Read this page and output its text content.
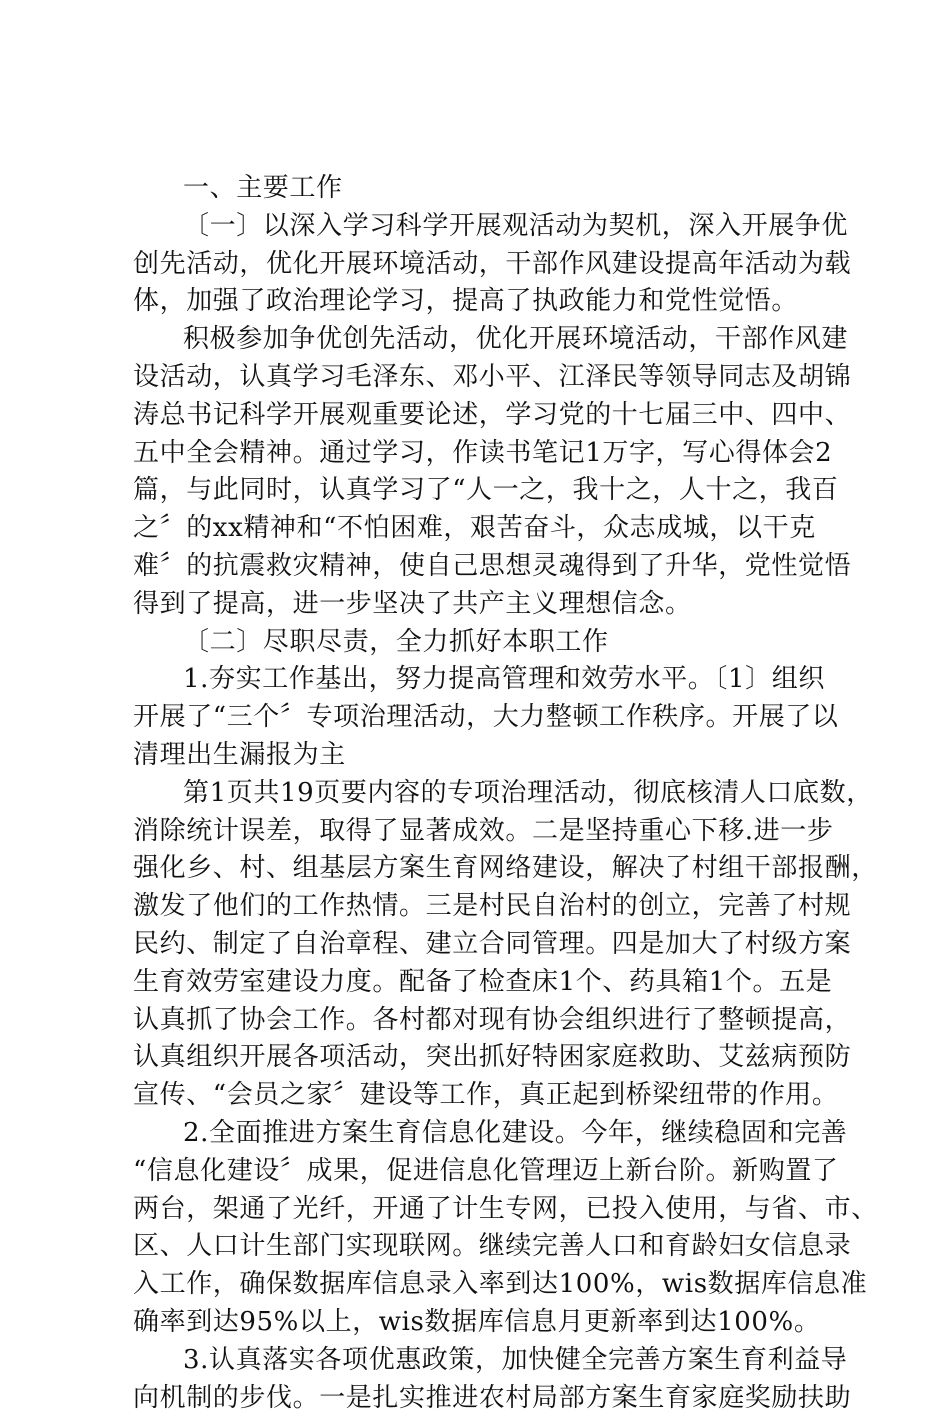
一、主要工作
〔一〕以深入学习科学开展观活动为契机，深入开展争优
创先活动，优化开展环境活动，干部作风建设提高年活动为载
体，加强了政治理论学习，提高了执政能力和党性觉悟。
积极参加争优创先活动，优化开展环境活动，干部作风建
设活动，认真学习毛泽东、邓小平、江泽民等领导同志及胡锦
涛总书记科学开展观重要论述，学习党的十七届三中、四中、
五中全会精神。通过学习，作读书笔记1万字，写心得体会2
篇，与此同时，认真学习了“人一之，我十之，人十之，我百
之〞的xx精神和“不怕困难，艰苦奋斗，众志成城，以干克
难〞的抗震救灾精神，使自己思想灵魂得到了升华，党性觉悟
得到了提高，进一步坚决了共产主义理想信念。
〔二〕尽职尽责，全力抓好本职工作
1.夯实工作基出，努力提高管理和效劳水平。〔1〕组织
开展了“三个〞专项治理活动，大力整顿工作秩序。开展了以
清理出生漏报为主
第1页共19页要内容的专项治理活动，彻底核清人口底数，
消除统计误差，取得了显著成效。二是坚持重心下移.进一步
强化乡、村、组基层方案生育网络建设，解决了村组干部报酬，
激发了他们的工作热情。三是村民自治村的创立，完善了村规
民约、制定了自治章程、建立合同管理。四是加大了村级方案
生育效劳室建设力度。配备了检查床1个、药具箱1个。五是
认真抓了协会工作。各村都对现有协会组织进行了整顿提高，
认真组织开展各项活动，突出抓好特困家庭救助、艾兹病预防
宣传、“会员之家〞建设等工作，真正起到桥梁纽带的作用。
2.全面推进方案生育信息化建设。今年，继续稳固和完善
“信息化建设〞成果，促进信息化管理迈上新台阶。新购置了
两台，架通了光纤，开通了计生专网，已投入使用，与省、市、
区、人口计生部门实现联网。继续完善人口和育龄妇女信息录
入工作，确保数据库信息录入率到达100%，wis数据库信息准
确率到达95%以上，wis数据库信息月更新率到达100%。
3.认真落实各项优惠政策，加快健全完善方案生育利益导
向机制的步伐。一是扎实推进农村局部方案生育家庭奖励扶助
